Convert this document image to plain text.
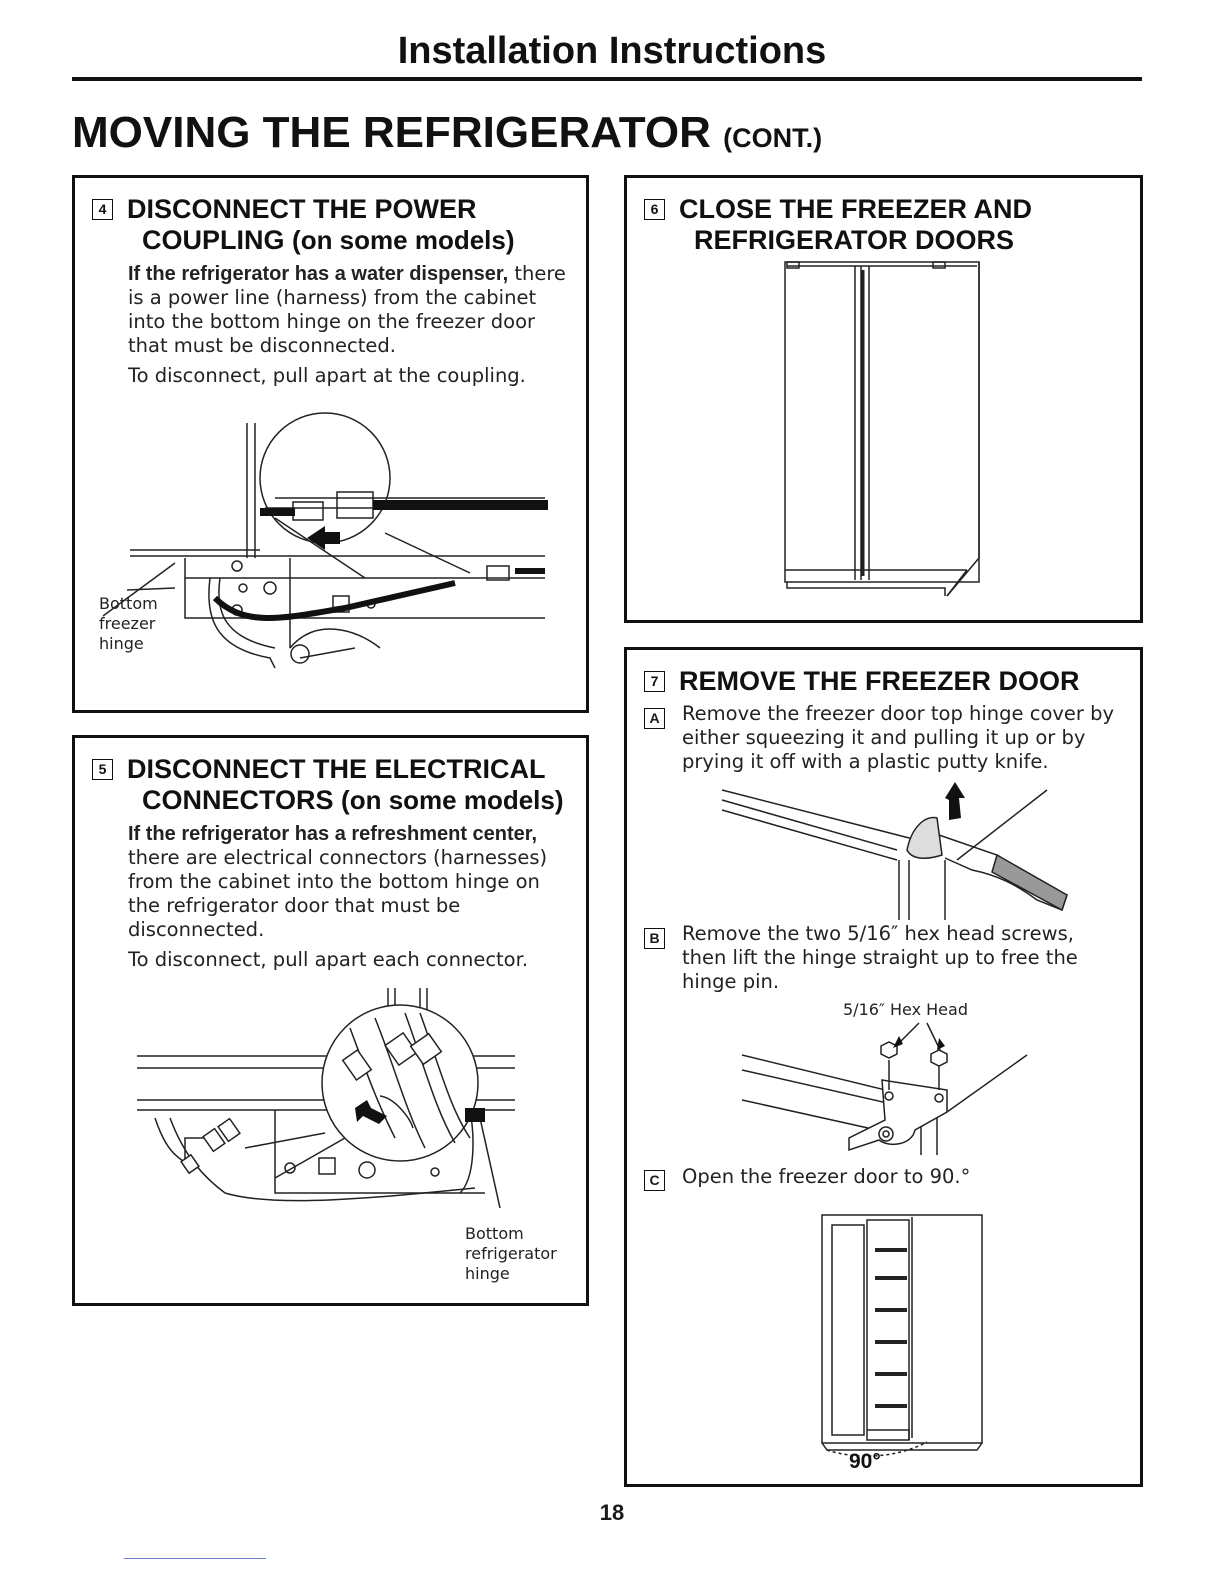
Installation Instructions
MOVING THE REFRIGERATOR (CONT.)
4 DISCONNECT THE POWER
COUPLING (on some models)

If the refrigerator has a water dispenser, there is a power line (harness) from the cabinet into the bottom hinge on the freezer door that must be disconnected.

To disconnect, pull apart at the coupling.

Bottom
freezer
hinge
5 DISCONNECT THE ELECTRICAL
CONNECTORS (on some models)

If the refrigerator has a refreshment center, there are electrical connectors (harnesses) from the cabinet into the bottom hinge on the refrigerator door that must be disconnected.

To disconnect, pull apart each connector.

Bottom
refrigerator
hinge
6 CLOSE THE FREEZER AND
REFRIGERATOR DOORS
7 REMOVE THE FREEZER DOOR
A Remove the freezer door top hinge cover by either squeezing it and pulling it up or by prying it off with a plastic putty knife.
B Remove the two 5/16″ hex head screws, then lift the hinge straight up to free the hinge pin.
5/16″ Hex Head
C Open the freezer door to 90.°
90°
18
